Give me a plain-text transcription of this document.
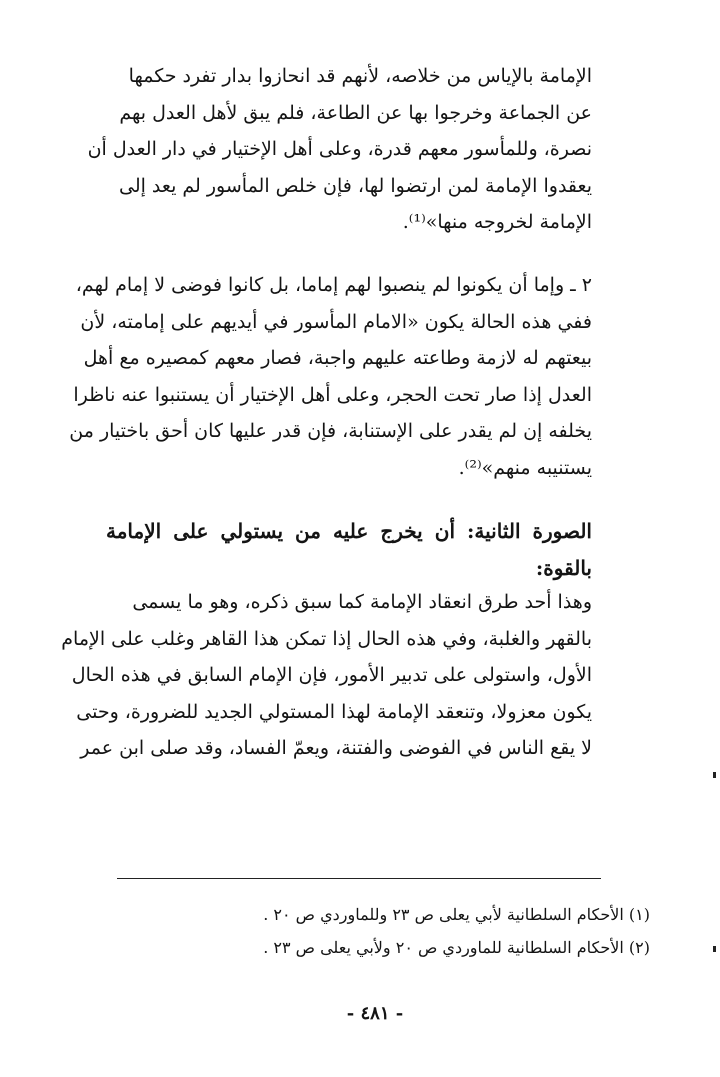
الإمامة بالإياس من خلاصه، لأنهم قد انحازوا بدار تفرد حكمها
عن الجماعة وخرجوا بها عن الطاعة، فلم يبق لأهل العدل بهم
نصرة، وللمأسور معهم قدرة، وعلى أهل الإختيار في دار العدل أن
يعقدوا الإمامة لمن ارتضوا لها، فإن خلص المأسور لم يعد إلى
الإمامة لخروجه منها»⁽¹⁾.
٢ ـ وإما أن يكونوا لم ينصبوا لهم إماما، بل كانوا فوضى لا إمام لهم،
ففي هذه الحالة يكون «الامام المأسور في أيديهم على إمامته، لأن
بيعتهم له لازمة وطاعته عليهم واجبة، فصار معهم كمصيره مع أهل
العدل إذا صار تحت الحجر، وعلى أهل الإختيار أن يستنبوا عنه ناظرا
يخلفه إن لم يقدر على الإستنابة، فإن قدر عليها كان أحق باختيار من
يستنيبه منهم»⁽²⁾.
الصورة الثانية: أن يخرج عليه من يستولي على الإمامة بالقوة:
وهذا أحد طرق انعقاد الإمامة كما سبق ذكره، وهو ما يسمى
بالقهر والغلبة، وفي هذه الحال إذا تمكن هذا القاهر وغلب على الإمام
الأول، واستولى على تدبير الأمور، فإن الإمام السابق في هذه الحال
يكون معزولا، وتنعقد الإمامة لهذا المستولي الجديد للضرورة، وحتى
لا يقع الناس في الفوضى والفتنة، ويعمّ الفساد، وقد صلى ابن عمر
(١) الأحكام السلطانية لأبي يعلى ص ٢٣ وللماوردي ص ٢٠ .
(٢) الأحكام السلطانية للماوردي ص ٢٠ ولأبي يعلى ص ٢٣ .
- ٤٨١ -
